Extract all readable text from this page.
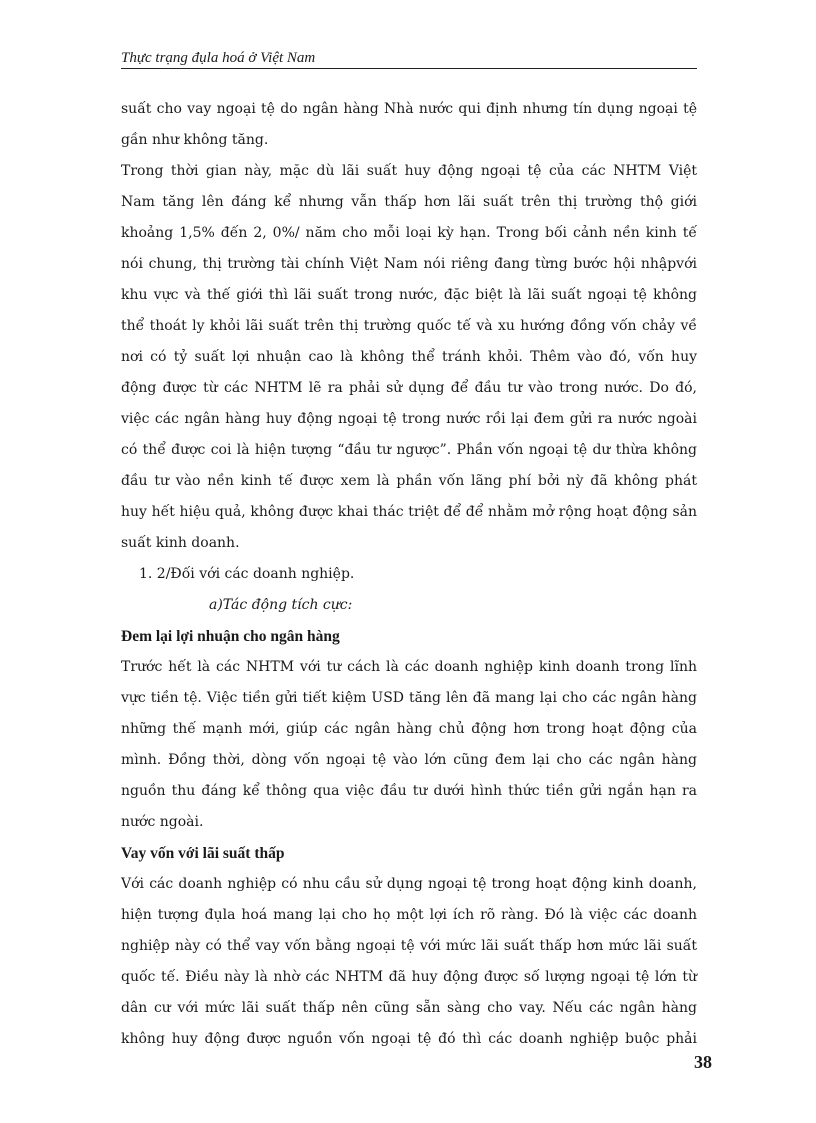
Thực trạng đụla hoá ở Việt Nam
suất cho vay ngoại tệ do ngân hàng Nhà nước qui định nhưng tín dụng ngoại tệ
gần như không tăng.
Trong thời gian này, mặc dù lãi suất huy động ngoại tệ của các NHTM Việt
Nam tăng lên đáng kể nhưng vẫn thấp hơn lãi suất trên thị trường thộ giới
khoảng 1,5% đến 2, 0%/ năm cho mỗi loại kỳ hạn. Trong bối cảnh nền kinh tế
nói chung, thị trường tài chính Việt Nam nói riêng đang từng bước hội nhậpvới
khu vực và thế giới thì lãi suất trong nước, đặc biệt là lãi suất ngoại tệ không
thể thoát ly khỏi lãi suất trên thị trường quốc tế và xu hướng đồng vốn chảy về
nơi có tỷ suất lợi nhuận cao là không thể tránh khỏi. Thêm vào đó, vốn huy
động được từ các NHTM lẽ ra phải sử dụng để đầu tư vào trong nước. Do đó,
việc các ngân hàng huy động ngoại tệ trong nước rồi lại đem gửi ra nước ngoài
có thể được coi là hiện tượng “đầu tư ngược”. Phần vốn ngoại tệ dư thừa không
đầu tư vào nền kinh tế được xem là phần vốn lãng phí bởi nỳ đã không phát
huy hết hiệu quả, không được khai thác triệt để để nhằm mở rộng hoạt động sản
suất kinh doanh.
1. 2/Đối với các doanh nghiệp.
a)Tác động tích cực:
Đem lại lợi nhuận cho ngân hàng
Trước hết là các NHTM với tư cách là các doanh nghiệp kinh doanh trong lĩnh
vực tiền tệ. Việc tiền gửi tiết kiệm USD tăng lên đã mang lại cho các ngân hàng
những thế mạnh mới, giúp các ngân hàng chủ động hơn trong hoạt động của
mình. Đồng thời, dòng vốn ngoại tệ vào lớn cũng đem lại cho các ngân hàng
nguồn thu đáng kể thông qua việc đầu tư dưới hình thức tiền gửi ngắn hạn ra
nước ngoài.
Vay vốn với lãi suất thấp
Với các doanh nghiệp có nhu cầu sử dụng ngoại tệ trong hoạt động kinh doanh,
hiện tượng đụla hoá mang lại cho họ một lợi ích rõ ràng. Đó là việc các doanh
nghiệp này có thể vay vốn bằng ngoại tệ với mức lãi suất thấp hơn mức lãi suất
quốc tế. Điều này là nhờ các NHTM đã huy động được số lượng ngoại tệ lớn từ
dân cư với mức lãi suất thấp nên cũng sẵn sàng cho vay. Nếu các ngân hàng
không huy động được nguồn vốn ngoại tệ đó thì các doanh nghiệp buộc phải
38
